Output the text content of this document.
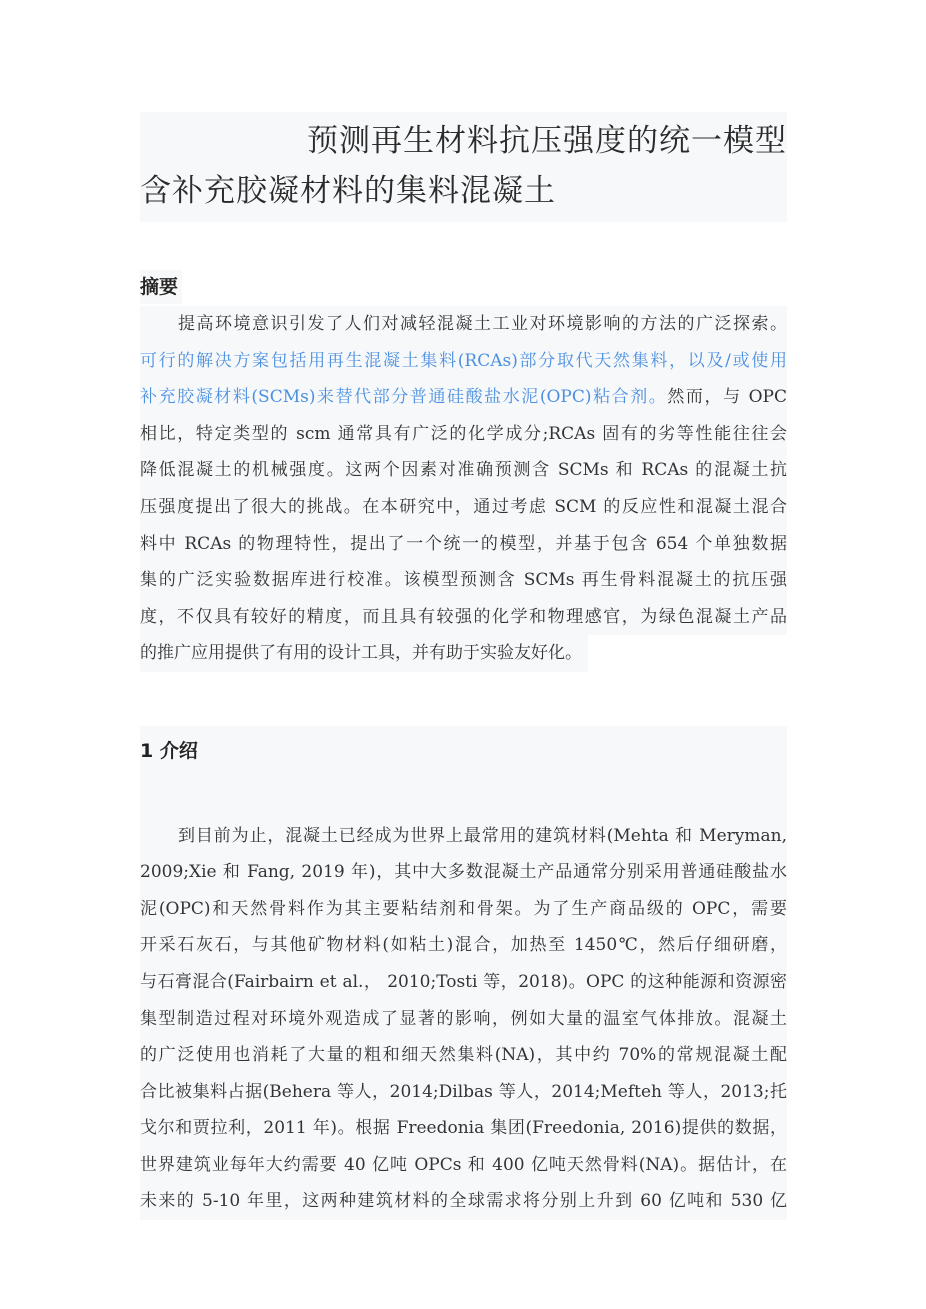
预测再生材料抗压强度的统一模型
含补充胶凝材料的集料混凝土
摘要
提高环境意识引发了人们对减轻混凝土工业对环境影响的方法的广泛探索。
可行的解决方案包括用再生混凝土集料(RCAs)部分取代天然集料，以及/或使用
补充胶凝材料(SCMs)来替代部分普通硅酸盐水泥(OPC)粘合剂。然而，与 OPC
相比，特定类型的 scm 通常具有广泛的化学成分;RCAs 固有的劣等性能往往会
降低混凝土的机械强度。这两个因素对准确预测含 SCMs 和 RCAs 的混凝土抗
压强度提出了很大的挑战。在本研究中，通过考虑 SCM 的反应性和混凝土混合
料中 RCAs 的物理特性，提出了一个统一的模型，并基于包含 654 个单独数据
集的广泛实验数据库进行校准。该模型预测含 SCMs 再生骨料混凝土的抗压强
度，不仅具有较好的精度，而且具有较强的化学和物理感官，为绿色混凝土产品
的推广应用提供了有用的设计工具，并有助于实验友好化。
1 介绍
到目前为止，混凝土已经成为世界上最常用的建筑材料(Mehta 和 Meryman,
2009;Xie 和 Fang, 2019 年)，其中大多数混凝土产品通常分别采用普通硅酸盐水
泥(OPC)和天然骨料作为其主要粘结剂和骨架。为了生产商品级的 OPC，需要
开采石灰石，与其他矿物材料(如粘土)混合，加热至 1450℃，然后仔细研磨，
与石膏混合(Fairbairn et al.， 2010;Tosti 等，2018)。OPC 的这种能源和资源密
集型制造过程对环境外观造成了显著的影响，例如大量的温室气体排放。混凝土
的广泛使用也消耗了大量的粗和细天然集料(NA)，其中约 70%的常规混凝土配
合比被集料占据(Behera 等人，2014;Dilbas 等人，2014;Mefteh 等人，2013;托
戈尔和贾拉利，2011 年)。根据 Freedonia 集团(Freedonia, 2016)提供的数据，
世界建筑业每年大约需要 40 亿吨 OPCs 和 400 亿吨天然骨料(NA)。据估计，在
未来的 5-10 年里，这两种建筑材料的全球需求将分别上升到 60 亿吨和 530 亿
